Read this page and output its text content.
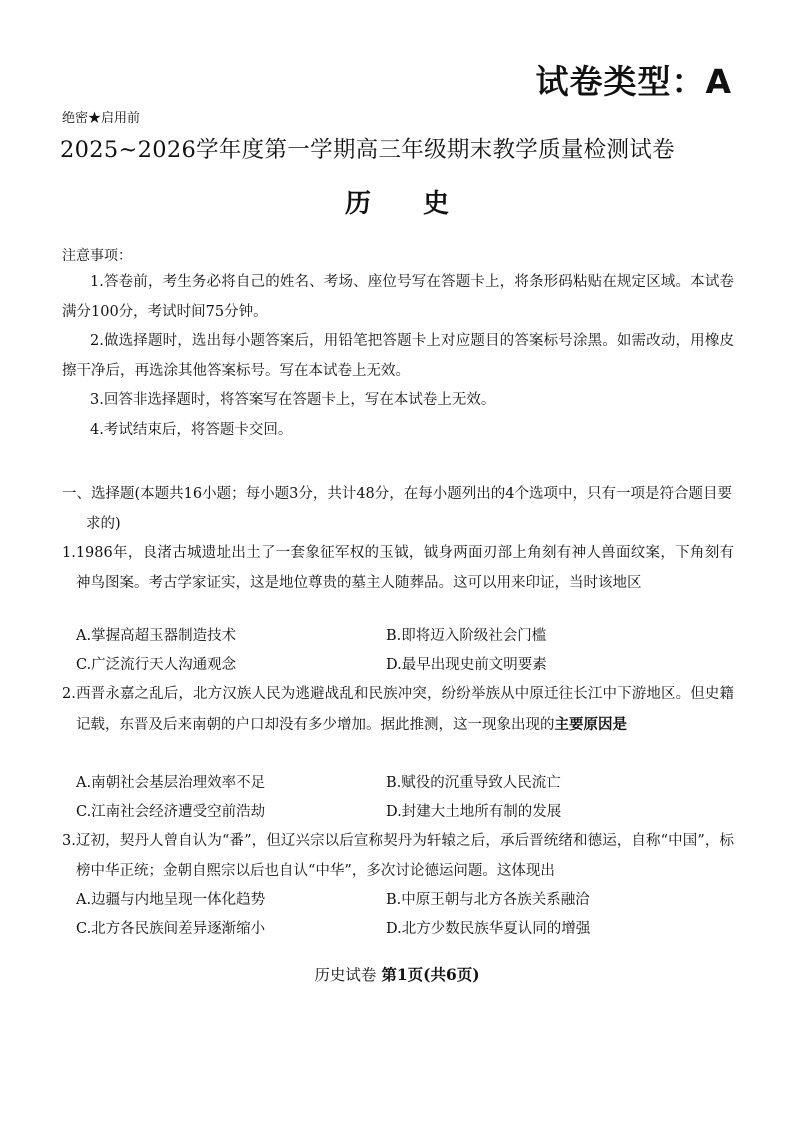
试卷类型：A
绝密★启用前
2025~2026学年度第一学期高三年级期末教学质量检测试卷
历史
注意事项：
1.答卷前，考生务必将自己的姓名、考场、座位号写在答题卡上，将条形码粘贴在规定区域。本试卷满分100分，考试时间75分钟。
2.做选择题时，选出每小题答案后，用铅笔把答题卡上对应题目的答案标号涂黑。如需改动，用橡皮擦干净后，再选涂其他答案标号。写在本试卷上无效。
3.回答非选择题时，将答案写在答题卡上，写在本试卷上无效。
4.考试结束后，将答题卡交回。
一、选择题(本题共16小题；每小题3分，共计48分，在每小题列出的4个选项中，只有一项是符合题目要求的)
1.1986年，良渚古城遗址出土了一套象征军权的玉钺，钺身两面刃部上角刻有神人兽面纹案，下角刻有神鸟图案。考古学家证实，这是地位尊贵的墓主人随葬品。这可以用来印证，当时该地区
A.掌握高超玉器制造技术	B.即将迈入阶级社会门槛
C.广泛流行天人沟通观念	D.最早出现史前文明要素
2.西晋永嘉之乱后，北方汉族人民为逃避战乱和民族冲突，纷纷举族从中原迁往长江中下游地区。但史籍记载，东晋及后来南朝的户口却没有多少增加。据此推测，这一现象出现的主要原因是
A.南朝社会基层治理效率不足	B.赋役的沉重导致人民流亡
C.江南社会经济遭受空前浩劫	D.封建大土地所有制的发展
3.辽初，契丹人曾自认为“番”，但辽兴宗以后宣称契丹为轩辕之后，承后晋统绪和德运，自称“中国”，标榜中华正统；金朝自熙宗以后也自认“中华”，多次讨论德运问题。这体现出
A.边疆与内地呈现一体化趋势	B.中原王朝与北方各族关系融洽
C.北方各民族间差异逐渐缩小	D.北方少数民族华夏认同的增强
历史试卷 第1页(共6页)
